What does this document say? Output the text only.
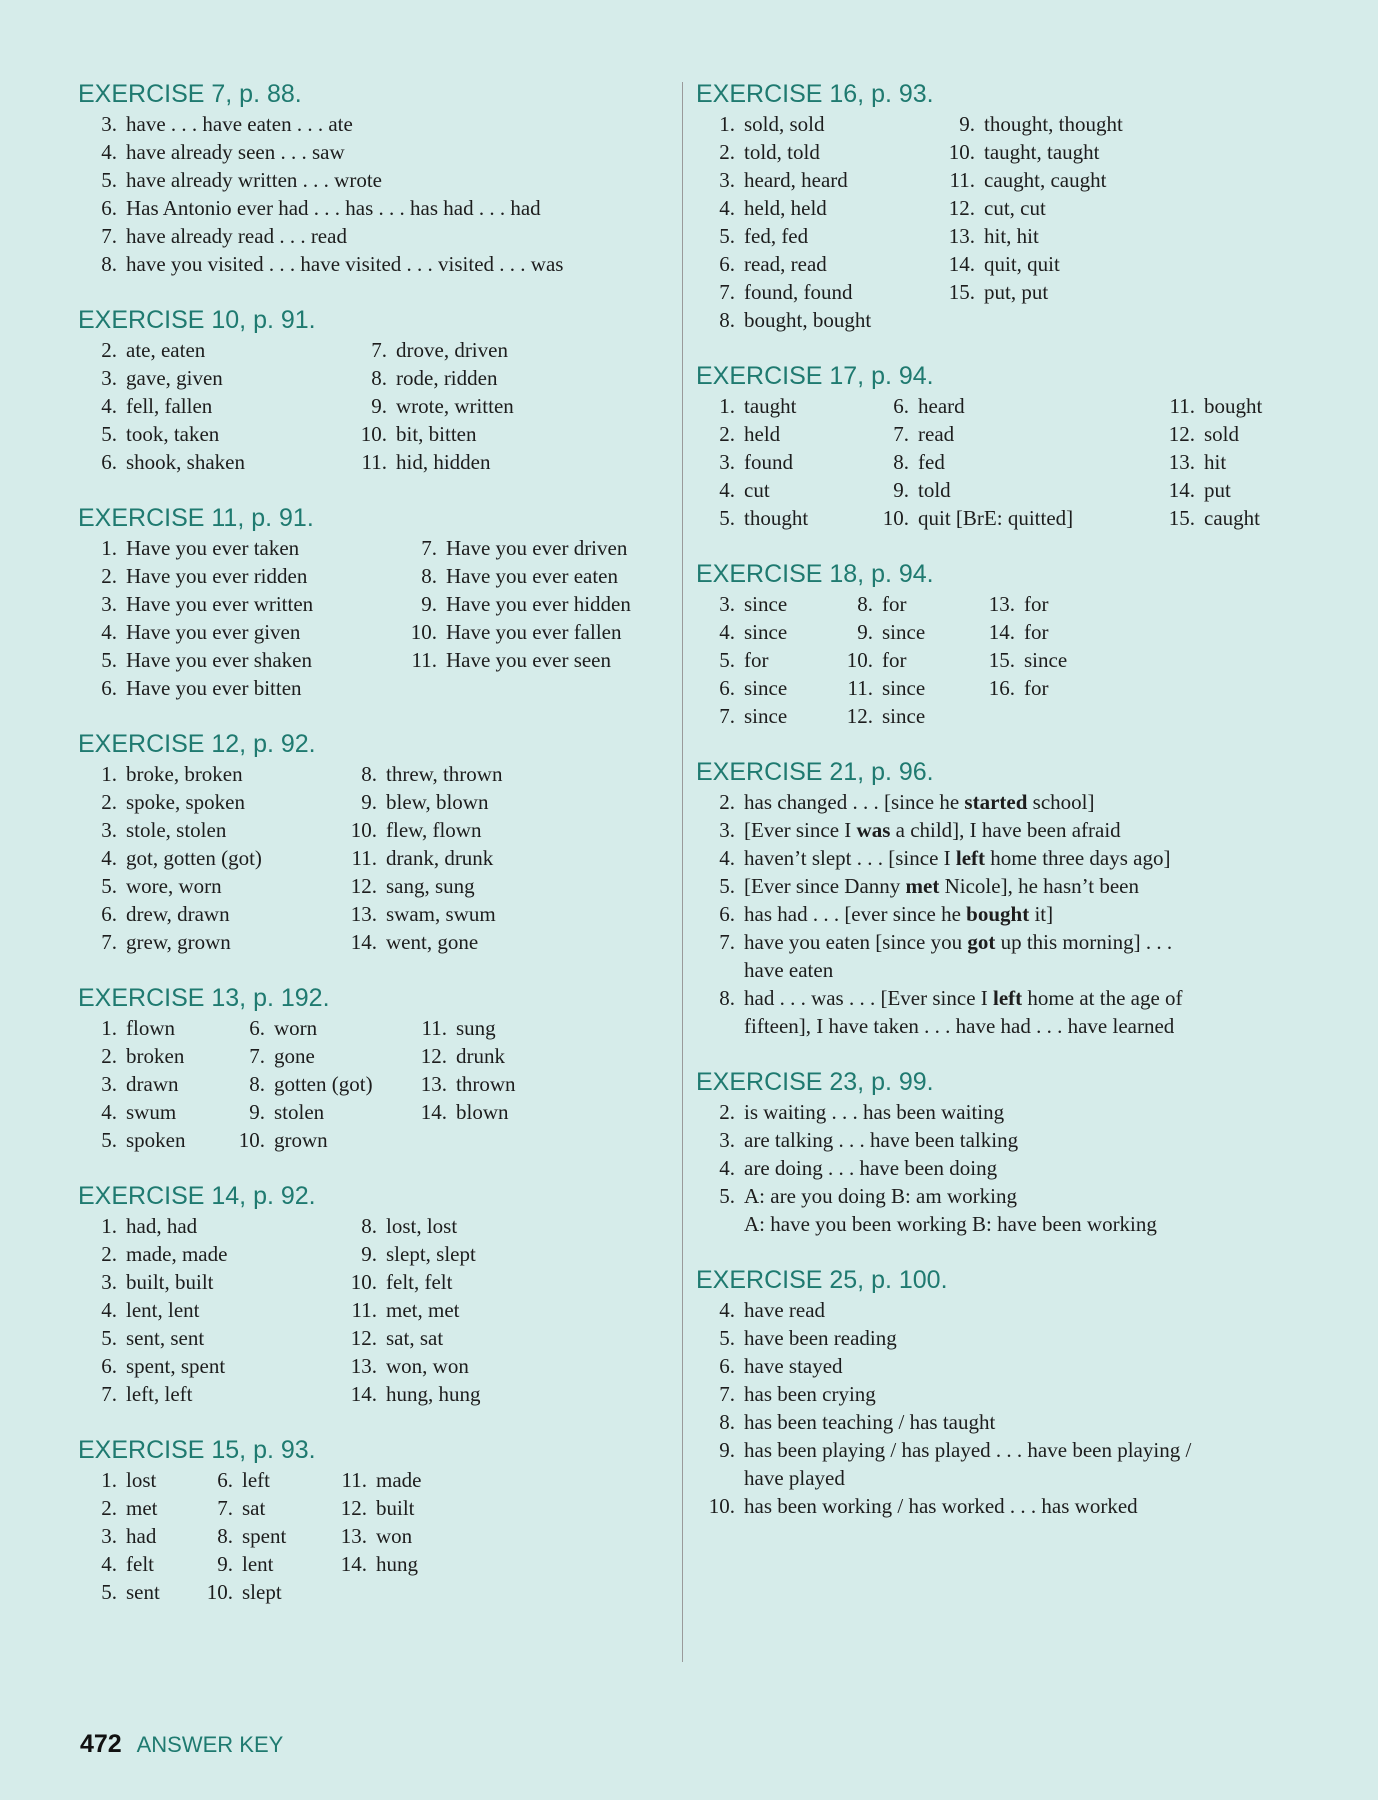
EXERCISE 7, p. 88.
3. have . . . have eaten . . . ate
4. have already seen . . . saw
5. have already written . . . wrote
6. Has Antonio ever had . . . has . . . has had . . . had
7. have already read . . . read
8. have you visited . . . have visited . . . visited . . . was
EXERCISE 10, p. 91.
2. ate, eaten
3. gave, given
4. fell, fallen
5. took, taken
6. shook, shaken
7. drove, driven
8. rode, ridden
9. wrote, written
10. bit, bitten
11. hid, hidden
EXERCISE 11, p. 91.
1. Have you ever taken
2. Have you ever ridden
3. Have you ever written
4. Have you ever given
5. Have you ever shaken
6. Have you ever bitten
7. Have you ever driven
8. Have you ever eaten
9. Have you ever hidden
10. Have you ever fallen
11. Have you ever seen
EXERCISE 12, p. 92.
1. broke, broken
2. spoke, spoken
3. stole, stolen
4. got, gotten (got)
5. wore, worn
6. drew, drawn
7. grew, grown
8. threw, thrown
9. blew, blown
10. flew, flown
11. drank, drunk
12. sang, sung
13. swam, swum
14. went, gone
EXERCISE 13, p. 192.
1. flown
2. broken
3. drawn
4. swum
5. spoken
6. worn
7. gone
8. gotten (got)
9. stolen
10. grown
11. sung
12. drunk
13. thrown
14. blown
EXERCISE 14, p. 92.
1. had, had
2. made, made
3. built, built
4. lent, lent
5. sent, sent
6. spent, spent
7. left, left
8. lost, lost
9. slept, slept
10. felt, felt
11. met, met
12. sat, sat
13. won, won
14. hung, hung
EXERCISE 15, p. 93.
1. lost
2. met
3. had
4. felt
5. sent
6. left
7. sat
8. spent
9. lent
10. slept
11. made
12. built
13. won
14. hung
EXERCISE 16, p. 93.
1. sold, sold
2. told, told
3. heard, heard
4. held, held
5. fed, fed
6. read, read
7. found, found
8. bought, bought
9. thought, thought
10. taught, taught
11. caught, caught
12. cut, cut
13. hit, hit
14. quit, quit
15. put, put
EXERCISE 17, p. 94.
1. taught
2. held
3. found
4. cut
5. thought
6. heard
7. read
8. fed
9. told
10. quit [BrE: quitted]
11. bought
12. sold
13. hit
14. put
15. caught
EXERCISE 18, p. 94.
3. since
4. since
5. for
6. since
7. since
8. for
9. since
10. for
11. since
12. since
13. for
14. for
15. since
16. for
EXERCISE 21, p. 96.
2. has changed . . . [since he started school]
3. [Ever since I was a child], I have been afraid
4. haven’t slept . . . [since I left home three days ago]
5. [Ever since Danny met Nicole], he hasn’t been
6. has had . . . [ever since he bought it]
7. have you eaten [since you got up this morning] . . .
have eaten
8. had . . . was . . . [Ever since I left home at the age of
fifteen], I have taken . . . have had . . . have learned
EXERCISE 23, p. 99.
2. is waiting . . . has been waiting
3. are talking . . . have been talking
4. are doing . . . have been doing
5. A: are you doing B: am working
A: have you been working B: have been working
EXERCISE 25, p. 100.
4. have read
5. have been reading
6. have stayed
7. has been crying
8. has been teaching / has taught
9. has been playing / has played . . . have been playing /
have played
10. has been working / has worked . . . has worked
472 ANSWER KEY
